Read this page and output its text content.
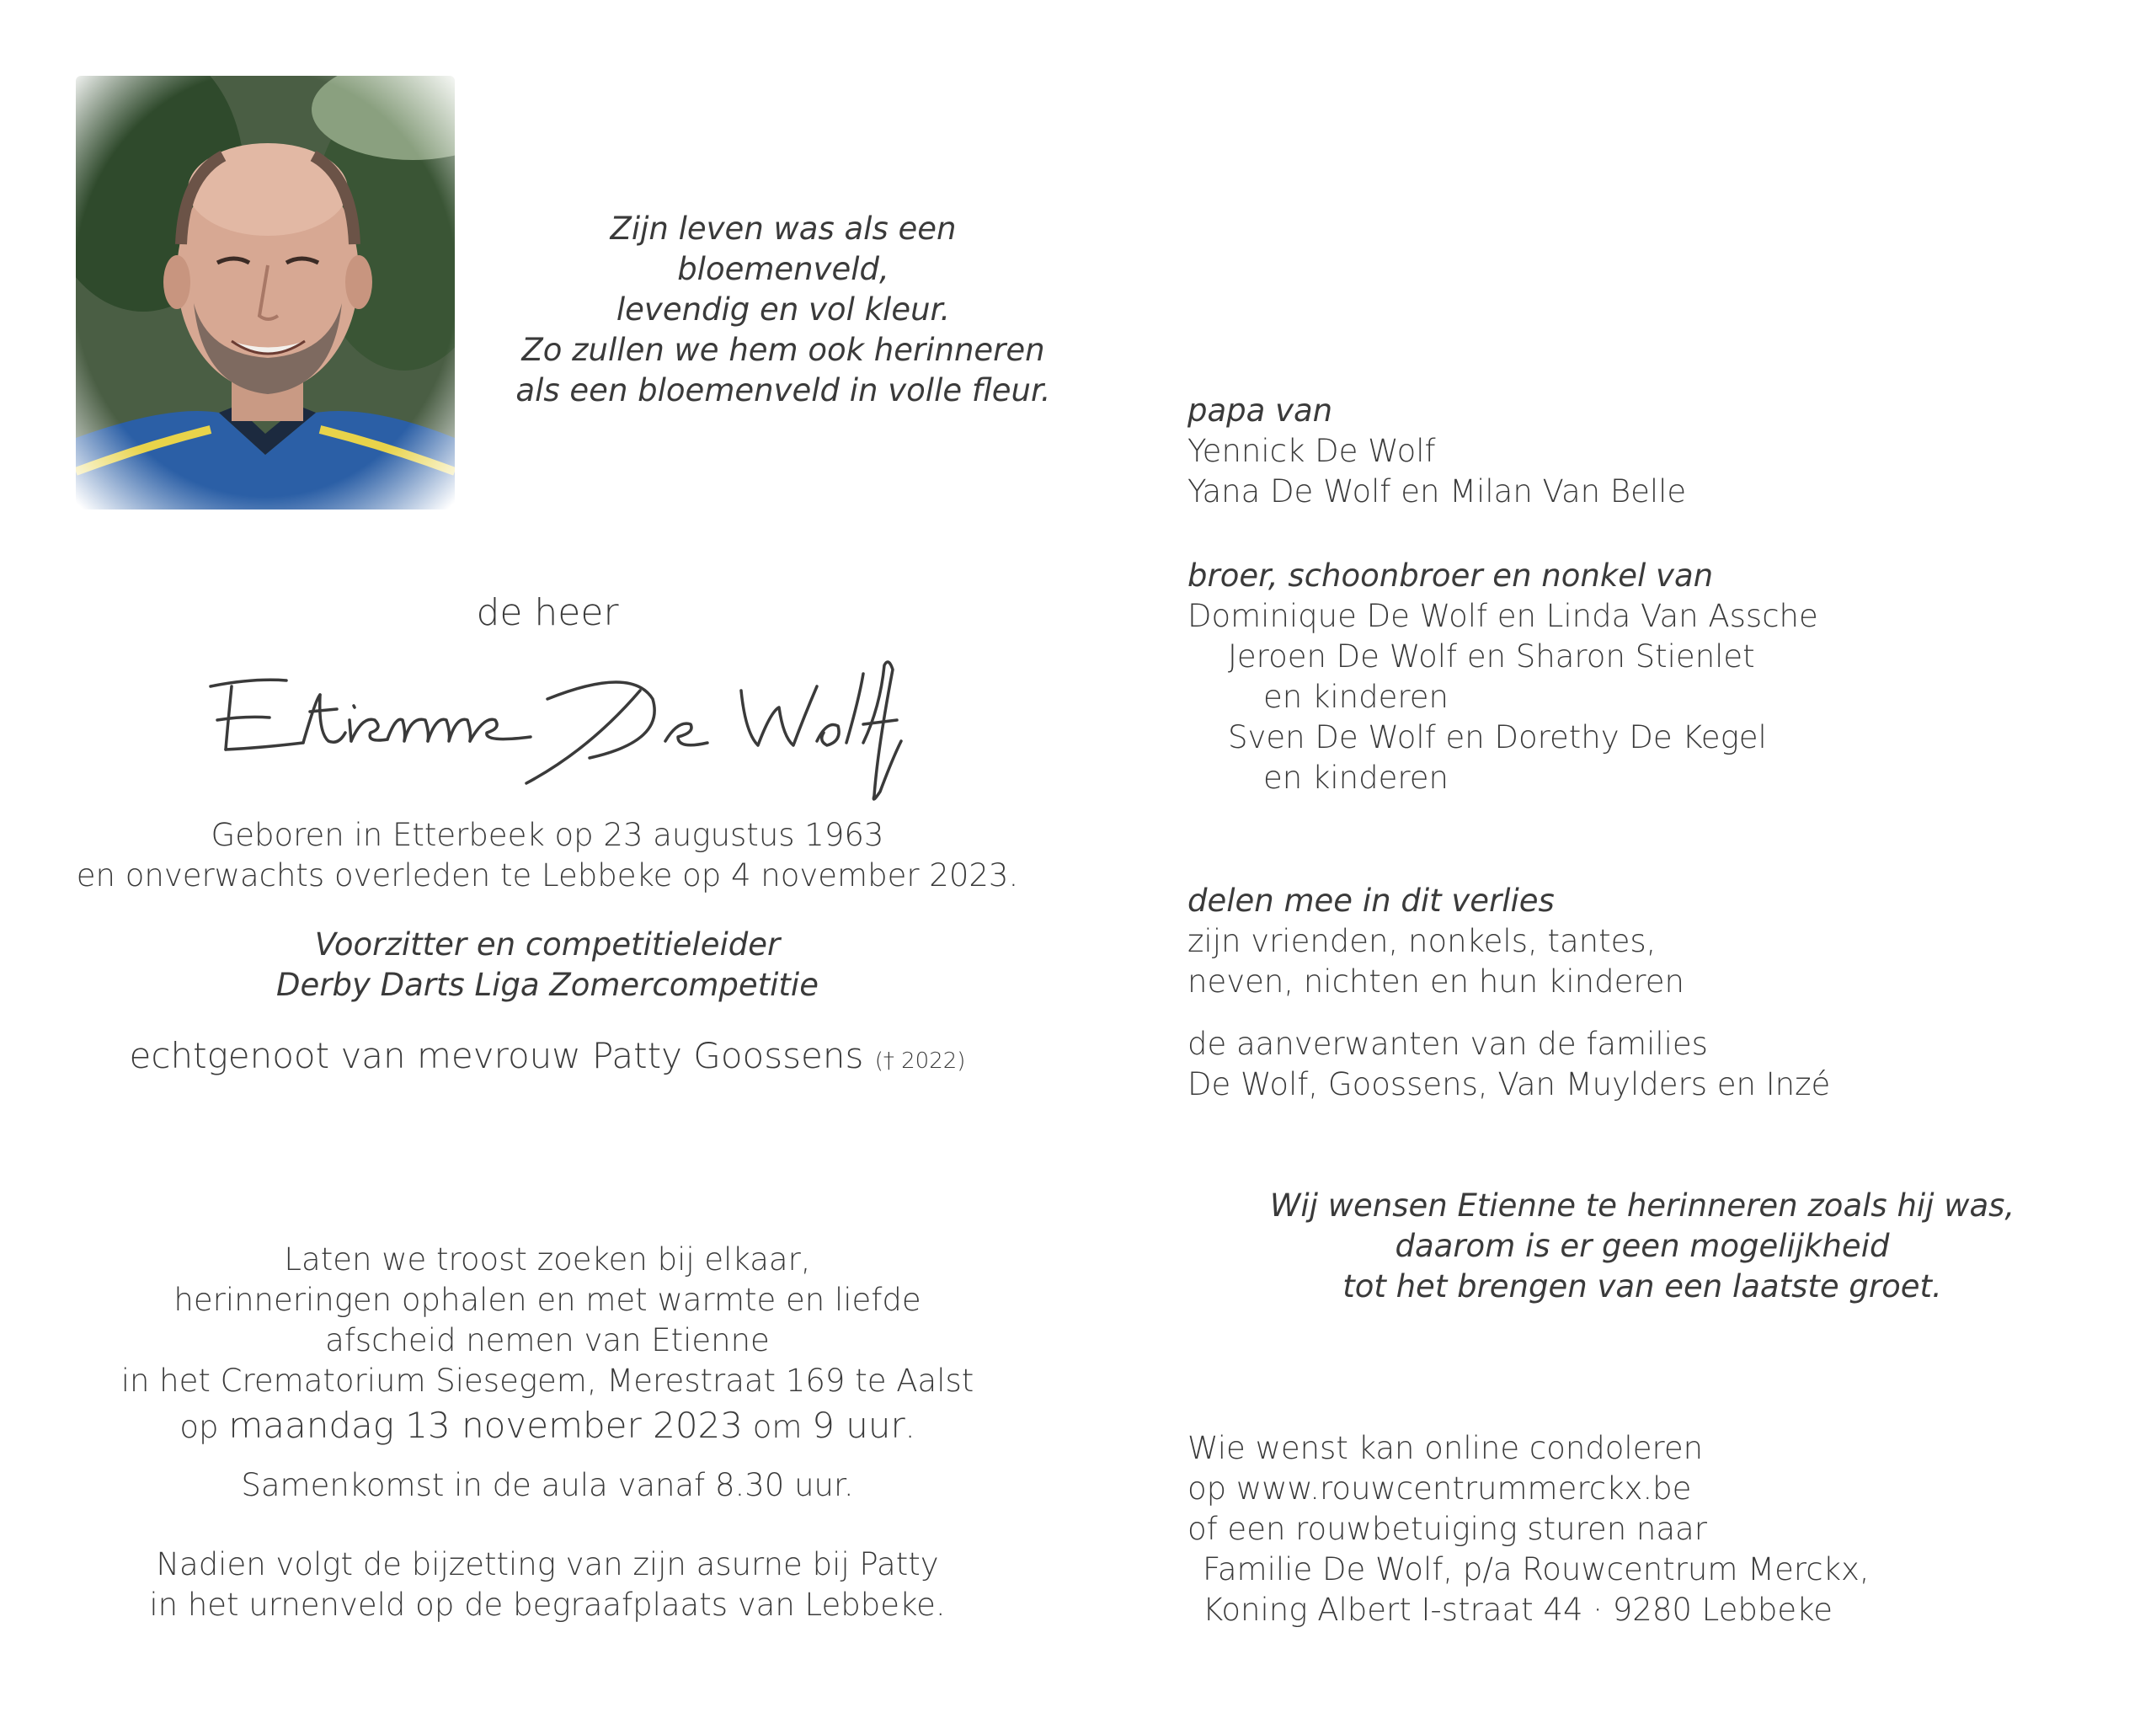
Zijn leven was als een
bloemenveld,
levendig en vol kleur.
Zo zullen we hem ook herinneren
als een bloemenveld in volle fleur.
de heer
Geboren in Etterbeek op 23 augustus 1963
en onverwachts overleden te Lebbeke op 4 november 2023.
Voorzitter en competitieleider
Derby Darts Liga Zomercompetitie
echtgenoot van mevrouw Patty Goossens († 2022)
Laten we troost zoeken bij elkaar,
herinneringen ophalen en met warmte en liefde
afscheid nemen van Etienne
in het Crematorium Siesegem, Merestraat 169 te Aalst
op maandag 13 november 2023 om 9 uur.
Samenkomst in de aula vanaf 8.30 uur.
Nadien volgt de bijzetting van zijn asurne bij Patty
in het urnenveld op de begraafplaats van Lebbeke.
papa van
Yennick De Wolf
Yana De Wolf en Milan Van Belle
broer, schoonbroer en nonkel van
Dominique De Wolf en Linda Van Assche
Jeroen De Wolf en Sharon Stienlet
en kinderen
Sven De Wolf en Dorethy De Kegel
en kinderen
delen mee in dit verlies
zijn vrienden, nonkels, tantes,
neven, nichten en hun kinderen
de aanverwanten van de families
De Wolf, Goossens, Van Muylders en Inzé
Wij wensen Etienne te herinneren zoals hij was,
daarom is er geen mogelijkheid
tot het brengen van een laatste groet.
Wie wenst kan online condoleren
op www.rouwcentrummerckx.be
of een rouwbetuiging sturen naar
Familie De Wolf, p/a Rouwcentrum Merckx,
Koning Albert I-straat 44 · 9280 Lebbeke
